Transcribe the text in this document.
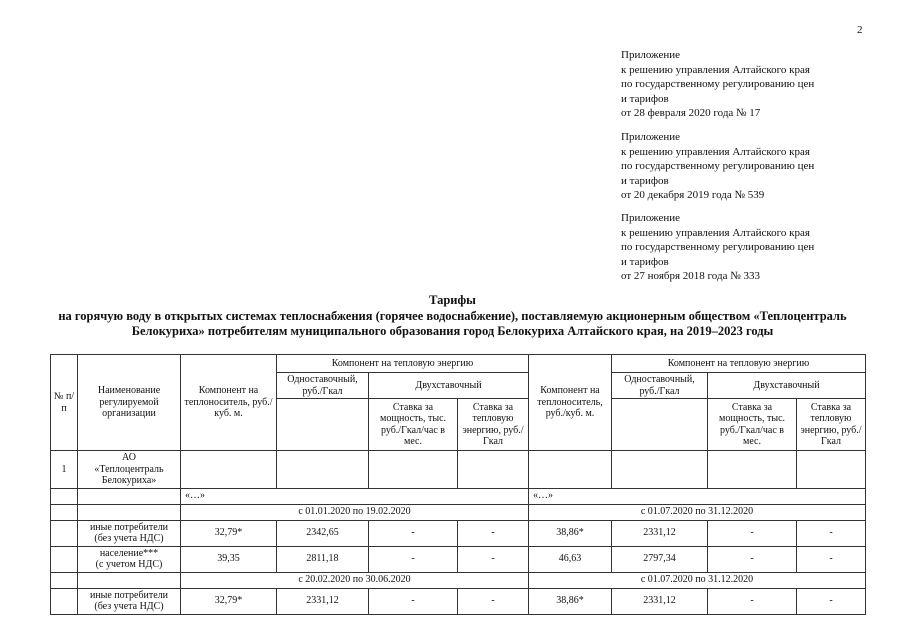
2
Приложение
к решению управления Алтайского края
по государственному регулированию цен
и тарифов
от 28 февраля 2020 года № 17
Приложение
к решению управления Алтайского края
по государственному регулированию цен
и тарифов
от 20 декабря 2019 года № 539
Приложение
к решению управления Алтайского края
по государственному регулированию цен
и тарифов
от 27 ноября 2018 года № 333
Тарифы
на горячую воду в открытых системах теплоснабжения (горячее водоснабжение), поставляемую акционерным обществом «Теплоцентраль
Белокуриха» потребителям муниципального образования город Белокуриха Алтайского края, на 2019–2023 годы
№ п/п	Наименование регулируемой организации	Компонент на теплоноситель, руб./куб. м.	Компонент на тепловую энергию			Компонент на теплоноситель, руб./куб. м.	Компонент на тепловую энергию		
			Одноставочный, руб./Гкал	Двухставочный			Одноставочный, руб./Гкал	Двухставочный	
				Ставка за мощность, тыс. руб./Гкал/час в мес.	Ставка за тепловую энергию, руб./Гкал			Ставка за мощность, тыс. руб./Гкал/час в мес.	Ставка за тепловую энергию, руб./Гкал
1	АО
«Теплоцентраль
Белокуриха»								

		«…»				«…»			
		с 01.01.2020 по 19.02.2020				с 01.07.2020 по 31.12.2020			

	иные потребители
(без учета НДС)	32,79*	2342,65	-	-	38,86*	2331,12	-	-

	население***
(с учетом НДС)	39,35	2811,18	-	-	46,63	2797,34	-	-
		с 20.02.2020 по 30.06.2020				с 01.07.2020 по 31.12.2020			

	иные потребители
(без учета НДС)	32,79*	2331,12	-	-	38,86*	2331,12	-	-
